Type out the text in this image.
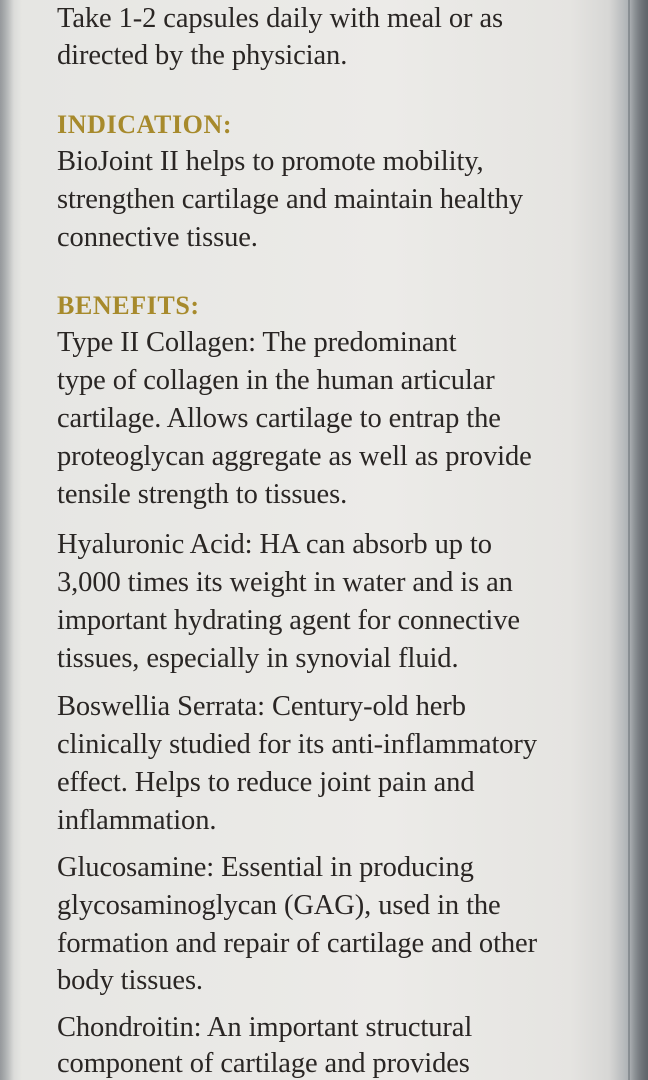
Take 1-2 capsules daily with meal or as
directed by the physician.
INDICATION:
BioJoint II helps to promote mobility,
strengthen cartilage and maintain healthy
connective tissue.
BENEFITS:
Type II Collagen: The predominant
type of collagen in the human articular
cartilage. Allows cartilage to entrap the
proteoglycan aggregate as well as provide
tensile strength to tissues.
Hyaluronic Acid: HA can absorb up to
3,000 times its weight in water and is an
important hydrating agent for connective
tissues, especially in synovial fluid.
Boswellia Serrata: Century-old herb
clinically studied for its anti-inflammatory
effect. Helps to reduce joint pain and
inflammation.
Glucosamine: Essential in producing
glycosaminoglycan (GAG), used in the
formation and repair of cartilage and other
body tissues.
Chondroitin: An important structural
component of cartilage and provides
